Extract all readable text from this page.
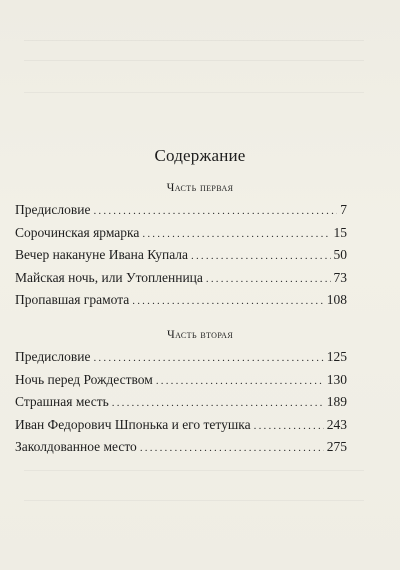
Содержание
Часть первая
Предисловие .....	7
Сорочинская ярмарка .....	15
Вечер накануне Ивана Купала .....	50
Майская ночь, или Утопленница .....	73
Пропавшая грамота .....	108
Часть вторая
Предисловие .....	125
Ночь перед Рождеством .....	130
Страшная месть .....	189
Иван Федорович Шпонька и его тетушка .....	243
Заколдованное место .....	275
